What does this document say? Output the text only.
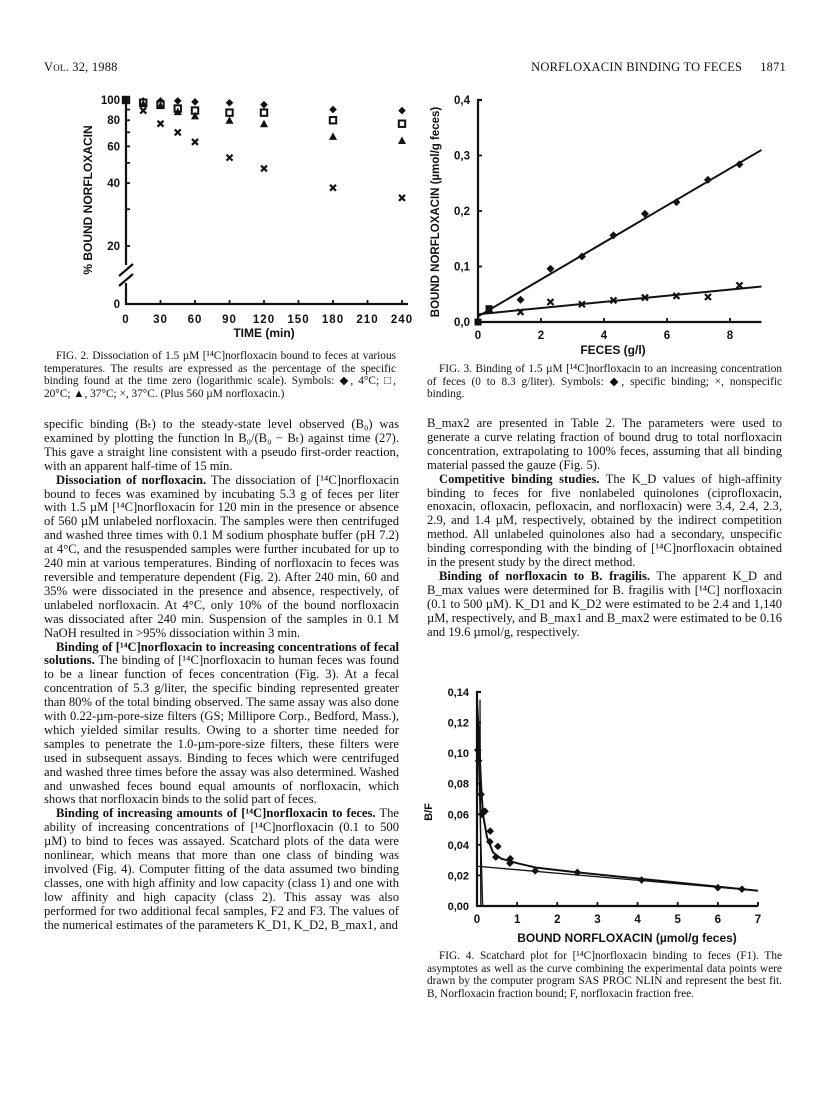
Vol. 32, 1988	NORFLOXACIN BINDING TO FECES 1871
100
80
60
40
20
0
0 30 60 90 120 150 180 210 240
TIME (min)
% BOUND NORFLOXACIN
0,0
0,1
0,2
0,3
0,4
0	2	4	6	8
FECES (g/l)
BOUND NORFLOXACIN (µmol/g feces)
0,00
0,02
0,04
0,06
0,08
0,10
0,12
0,14
0	1	2	3	4	5	6	7
BOUND NORFLOXACIN (µmol/g feces)
B/F

FIG. 2. Dissociation of 1.5 µM [¹⁴C]norfloxacin bound to feces at various temperatures. The results are expressed as the percentage of the specific binding found at the time zero (logarithmic scale). Symbols: ◆, 4°C; □, 20°C; ▲, 37°C; ×, 37°C. (Plus 560 µM norfloxacin.)

FIG. 3. Binding of 1.5 µM [¹⁴C]norfloxacin to an increasing concentration of feces (0 to 8.3 g/liter). Symbols: ◆, specific binding; ×, nonspecific binding.

FIG. 4. Scatchard plot for [¹⁴C]norfloxacin binding to feces (F1). The asymptotes as well as the curve combining the experimental data points were drawn by the computer program SAS PROC NLIN and represent the best fit. B, Norfloxacin fraction bound; F, norfloxacin fraction free.

specific binding (Bₜ) to the steady-state level observed (B₀) was examined by plotting the function ln B₀/(B₀ − Bₜ) against time (27). This gave a straight line consistent with a pseudo first-order reaction, with an apparent half-time of 15 min.

Dissociation of norfloxacin. The dissociation of [¹⁴C]norfloxacin bound to feces was examined by incubating 5.3 g of feces per liter with 1.5 µM [¹⁴C]norfloxacin for 120 min in the presence or absence of 560 µM unlabeled norfloxacin. The samples were then centrifuged and washed three times with 0.1 M sodium phosphate buffer (pH 7.2) at 4°C, and the resuspended samples were further incubated for up to 240 min at various temperatures. Binding of norfloxacin to feces was reversible and temperature dependent (Fig. 2). After 240 min, 60 and 35% were dissociated in the presence and absence, respectively, of unlabeled norfloxacin. At 4°C, only 10% of the bound norfloxacin was dissociated after 240 min. Suspension of the samples in 0.1 M NaOH resulted in >95% dissociation within 3 min.

Binding of [¹⁴C]norfloxacin to increasing concentrations of fecal solutions. The binding of [¹⁴C]norfloxacin to human feces was found to be a linear function of feces concentration (Fig. 3). At a fecal concentration of 5.3 g/liter, the specific binding represented greater than 80% of the total binding observed. The same assay was also done with 0.22-µm-pore-size filters (GS; Millipore Corp., Bedford, Mass.), which yielded similar results. Owing to a shorter time needed for samples to penetrate the 1.0-µm-pore-size filters, these filters were used in subsequent assays. Binding to feces which were centrifuged and washed three times before the assay was also determined. Washed and unwashed feces bound equal amounts of norfloxacin, which shows that norfloxacin binds to the solid part of feces.

Binding of increasing amounts of [¹⁴C]norfloxacin to feces. The ability of increasing concentrations of [¹⁴C]norfloxacin (0.1 to 500 µM) to bind to feces was assayed. Scatchard plots of the data were nonlinear, which means that more than one class of binding was involved (Fig. 4). Computer fitting of the data assumed two binding classes, one with high affinity and low capacity (class 1) and one with low affinity and high capacity (class 2). This assay was also performed for two additional fecal samples, F2 and F3. The values of the numerical estimates of the parameters K_D1, K_D2, B_max1, and

B_max2 are presented in Table 2. The parameters were used to generate a curve relating fraction of bound drug to total norfloxacin concentration, extrapolating to 100% feces, assuming that all binding material passed the gauze (Fig. 5).

Competitive binding studies. The K_D values of high-affinity binding to feces for five nonlabeled quinolones (ciprofloxacin, enoxacin, ofloxacin, pefloxacin, and norfloxacin) were 3.4, 2.4, 2.3, 2.9, and 1.4 µM, respectively, obtained by the indirect competition method. All unlabeled quinolones also had a secondary, unspecific binding corresponding with the binding of [¹⁴C]norfloxacin obtained in the present study by the direct method.

Binding of norfloxacin to B. fragilis. The apparent K_D and B_max values were determined for B. fragilis with [¹⁴C] norfloxacin (0.1 to 500 µM). K_D1 and K_D2 were estimated to be 2.4 and 1,140 µM, respectively, and B_max1 and B_max2 were estimated to be 0.16 and 19.6 µmol/g, respectively.
